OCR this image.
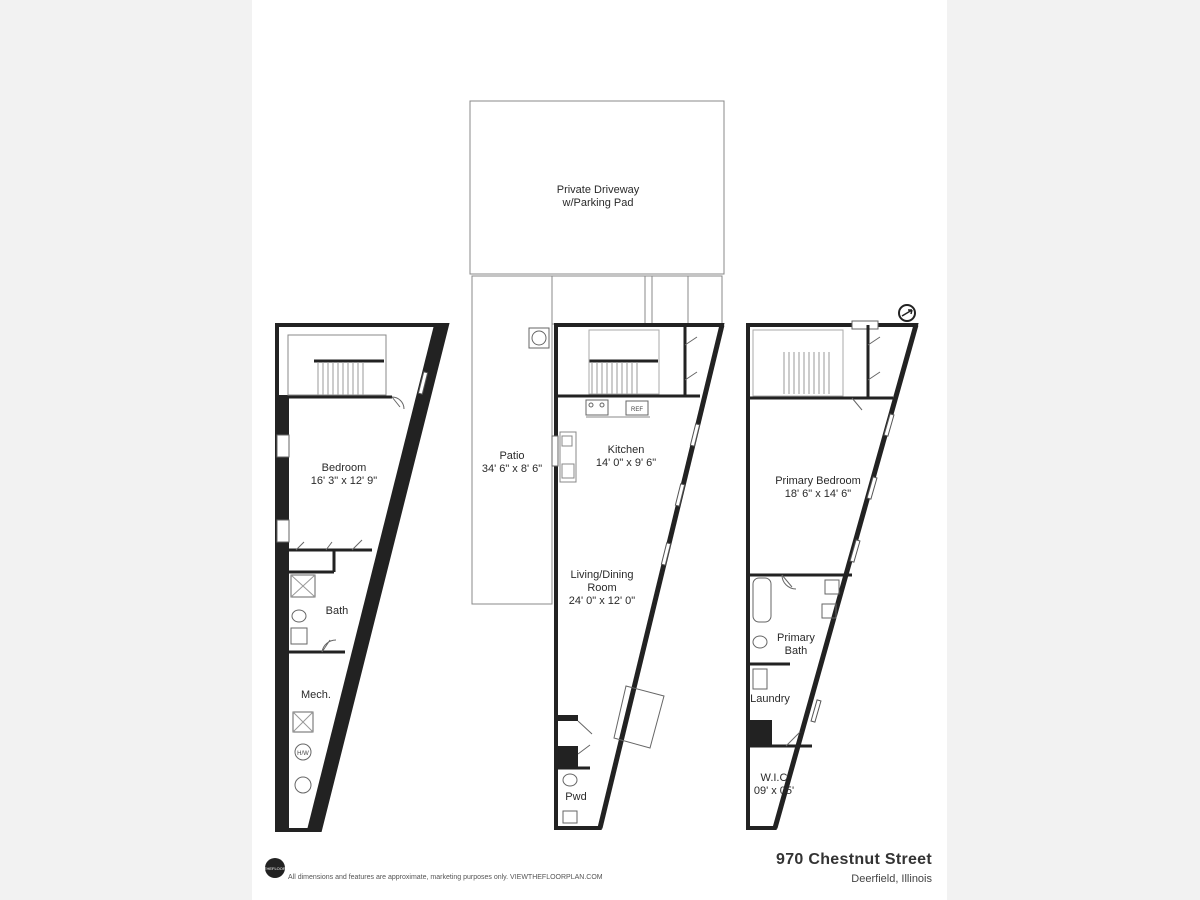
Private Driveway
w/Parking Pad
Patio
34' 6" x 8' 6"
Bedroom
16' 3" x 12' 9"
Bath
Mech.
H/W
REF
Kitchen
14' 0" x 9' 6"
Living/Dining
Room
24' 0" x 12' 0"
Pwd
Primary Bedroom
18' 6" x 14' 6"
Primary
Bath
Laundry
W.I.C
09' x 05'
VIEWTHEFLOORPLAN
All dimensions and features are approximate, marketing purposes only. VIEWTHEFLOORPLAN.COM
970 Chestnut Street
Deerfield, Illinois
